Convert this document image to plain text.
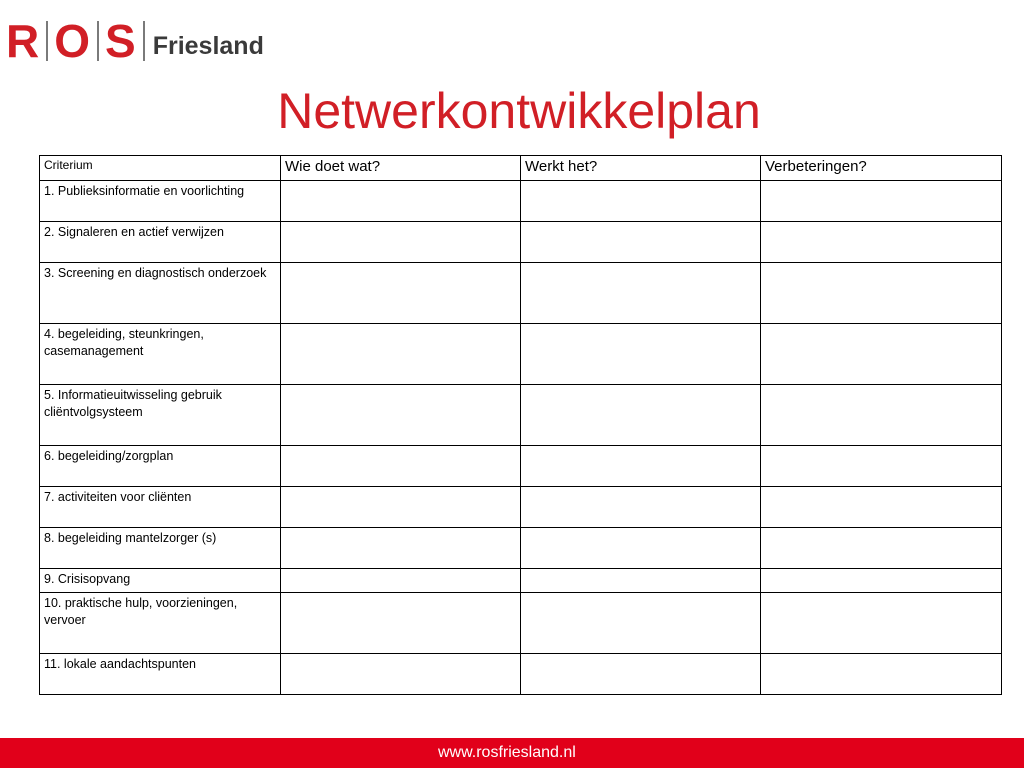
R O S Friesland
Netwerkontwikkelplan
Criterium	Wie doet wat?	Werkt het?	Verbeteringen?
1. Publieksinformatie en voorlichting			
2. Signaleren en actief verwijzen			
3. Screening en diagnostisch onderzoek			
4. begeleiding, steunkringen, casemanagement			
5. Informatieuitwisseling gebruik cliëntvolgsysteem			
6. begeleiding/zorgplan			
7. activiteiten voor cliënten			
8. begeleiding mantelzorger (s)			
9. Crisisopvang			
10. praktische hulp, voorzieningen, vervoer			
11. lokale aandachtspunten			
www.rosfriesland.nl
